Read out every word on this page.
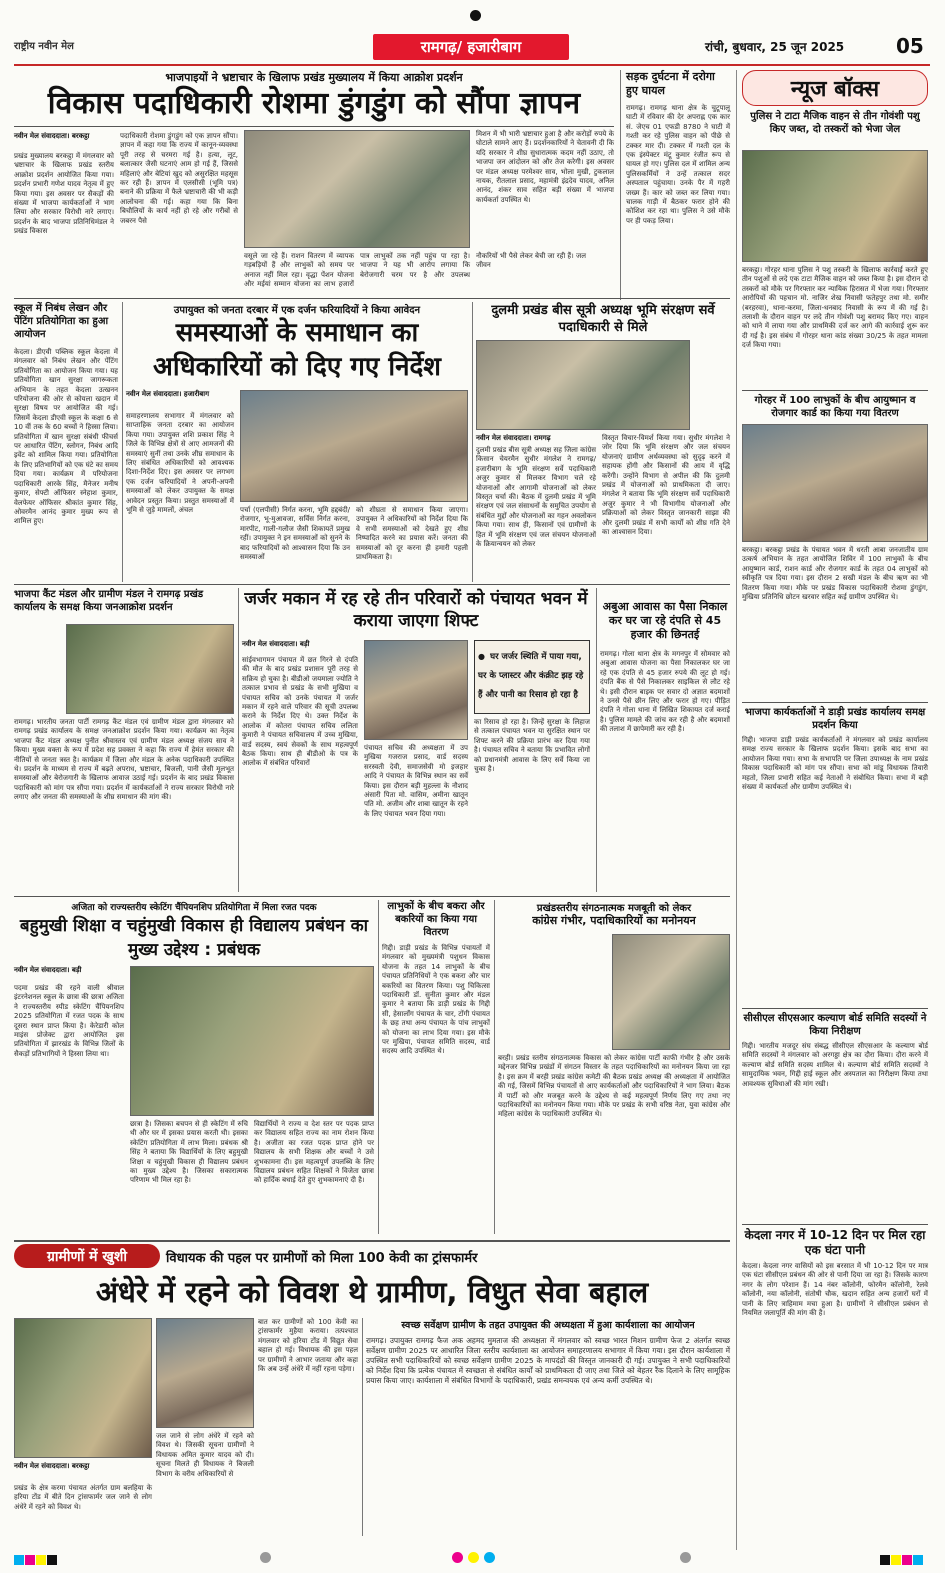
राष्ट्रीय नवीन मेल	रामगढ़/ हजारीबाग	रांची, बुधवार, 25 जून 2025	05
भाजपाइयों ने भ्रष्टाचार के खिलाफ प्रखंड मुख्यालय में किया आक्रोश प्रदर्शन
विकास पदाधिकारी रोशमा डुंगडुंग को सौंपा ज्ञापन
नवीन मेल संवाददाता। बरकट्ठा
प्रखंड मुख्यालय बरकट्ठा में मंगलवार को भ्रष्टाचार के खिलाफ प्रखंड स्तरीय आक्रोश प्रदर्शन आयोजित किया गया। प्रदर्शन प्रभारी गणेश यादव नेतृत्व में हुए किया गया। इस अवसर पर सैकड़ों की संख्या में भाजपा कार्यकर्ताओं ने भाग लिया और सरकार विरोधी नारे लगाए। प्रदर्शन के बाद भाजपा प्रतिनिधिमंडल ने प्रखंड विकास
पदाधिकारी रोशमा डुंगडुंग को एक ज्ञापन सौंपा। ज्ञापन में कहा गया कि राज्य में कानून-व्यवस्था पूरी तरह से चरमरा गई है। हत्या, लूट, बलात्कार जैसी घटनाएं आम हो गई हैं, जिससे महिलाएं और बेटियां खुद को असुरक्षित महसूस कर रही हैं। ज्ञापन में एलसीसी (भूमि पत्र) बनाने की प्रक्रिया में फैले भ्रष्टाचारी की भी कड़ी आलोचना की गई। कहा गया कि बिना बिचौलियों के कार्य नहीं हो रहे और गरीबों से जबरन पैसे
वसूले जा रहे हैं। राशन वितरण में व्यापक गड़बड़ियों हैं और लाभुकों को समय पर अनाज नहीं मिल रहा। वृद्धा पेंशन योजना और मईयां सम्मान योजना का लाभ हजारों पात्र लाभुकों तक नहीं पहुंच पा रहा है। भाजपा ने यह भी आरोप लगाया कि बेरोजगारी चरम पर है और उपलब्ध नौकरियों भी पैसे लेकर बेची जा रही हैं। जल जीवन
मिशन में भी भारी भ्रष्टाचार हुआ है और करोड़ों रुपये के घोटाले सामने आए हैं। प्रदर्शनकारियों ने चेतावनी दी कि यदि सरकार ने शीघ्र सुधारात्मक कदम नहीं उठाए, तो भाजपा जन आंदोलन को और तेज करेगी। इस अवसर पर मंडल अध्यक्ष परमेश्वर साव, भोला मुखी, टुकलाल नायक, रीतलाल प्रसाद, महामंत्री इंद्रदेव यादव, अनिल आनंद, शंकर साव सहित बड़ी संख्या में भाजपा कार्यकर्ता उपस्थित थे।
सड़क दुर्घटना में दरोगा हुए घायल
रामगढ़। रामगढ़ थाना क्षेत्र के चुटूपालू घाटी में रविवार की देर अपराह्न एक कार सं. जेएच 01 एफडी 8780 ने घाटी में गश्ती कर रहे पुलिस वाहन को पीछे से टक्कर मार दी। टक्कर में गश्ती दल के एक इंस्पेक्टर मंटू कुमार रंजीत रूप से घायल हो गए। पुलिस दल में शामिल अन्य पुलिसकर्मियों ने उन्हें तत्काल सदर अस्पताल पहुंचाया। उनके पैर में गहरी जख्म हैं। कार को जब्त कर लिया गया। चालक गाड़ी में बैठकर फरार होने की कोशिश कर रहा था। पुलिस ने उसे मौके पर ही पकड़ लिया।
न्यूज बॉक्स
पुलिस ने टाटा मैजिक वाहन से तीन गोवंशी पशु किए जब्त, दो तस्करों को भेजा जेल
बरकट्ठा। गोरहर थाना पुलिस ने पशु तस्करी के खिलाफ कार्रवाई करते हुए तीन पशुओं से लदे एक टाटा मैजिक वाहन को जब्त किया है। इस दौरान दो तस्करों को मौके पर गिरफ्तार कर न्यायिक हिरासत में भेजा गया। गिरफ्तार आरोपियों की पहचान मो. नाजिर शेख निवासी फतेहपुर तथा मो. समीर (बरहरवा), थाना-करमा, जिला-धनबाद निवासी के रूप में की गई है। तलाशी के दौरान वाहन पर लदे तीन गोवंशी पशु बरामद किए गए। वाहन को थाने में लाया गया और प्राथमिकी दर्ज कर आगे की कार्रवाई शुरू कर दी गई है। इस संबंध में गोरहर थाना कांड संख्या 30/25 के तहत मामला दर्ज किया गया।
गोरहर में 100 लाभुकों के बीच आयुष्मान व रोजगार कार्ड का किया गया वितरण
बरकट्ठा। बरकट्ठा प्रखंड के पंचायत भवन में धरती आबा जनजातीय ग्राम उत्कर्ष अभियान के तहत आयोजित शिविर में 100 लाभुकों के बीच आयुष्मान कार्ड, राशन कार्ड और रोजगार कार्ड के तहत 04 लाभुकों को स्वीकृति पत्र दिया गया। इस दौरान 2 सखी मंडल के बीच ऋण का भी वितरण किया गया। मौके पर प्रखंड विकास पदाधिकारी रोशमा डुंगडुंग, मुखिया प्रतिनिधि छोटन खरवार सहित कई ग्रामीण उपस्थित थे।
भाजपा कार्यकर्ताओं ने डाड़ी प्रखंड कार्यालय समक्ष प्रदर्शन किया
गिद्दी। भाजपा डाड़ी प्रखंड कार्यकर्ताओं ने मंगलवार को प्रखंड कार्यालय समक्ष राज्य सरकार के खिलाफ प्रदर्शन किया। इसके बाद सभा का आयोजन किया गया। सभा के सभापति पर जिला उपाध्यक्ष के नाम प्रखंड विकास पदाधिकारी को मांग पत्र सौंपा। सभा को मांडू विधायक तिवारी महतो, जिला प्रभारी सहित कई नेताओं ने संबोधित किया। सभा में बड़ी संख्या में कार्यकर्ता और ग्रामीण उपस्थित थे।
सीसीएल सीएसआर कल्याण बोर्ड समिति सदस्यों ने किया निरीक्षण
गिद्दी। भारतीय मजदूर संघ संबद्ध सीसीएल सीएसआर के कल्याण बोर्ड समिति सदस्यों ने मंगलवार को अरगड्डा क्षेत्र का दौरा किया। दौरा करने में कल्याण बोर्ड समिति सदस्य शामिल थे। कल्याण बोर्ड समिति सदस्यों ने सामुदायिक भवन, गिद्दी हाई स्कूल और अस्पताल का निरीक्षण किया तथा आवश्यक सुविधाओं की मांग रखी।
केदला नगर में 10-12 दिन पर मिल रहा एक घंटा पानी
केदला। केदला नगर वासियों को इस बरसात में भी 10-12 दिन पर मात्र एक घंटा सीसीएल प्रबंधन की ओर से पानी दिया जा रहा है। जिसके कारण नगर के लोग परेशान हैं। 14 नंबर कॉलोनी, फोरमैन कॉलोनी, रेलवे कॉलोनी, नया कॉलोनी, संतोषी चौक, खदान सहित अन्य हजारों घरों में पानी के लिए त्राहिमाम मचा हुआ है। ग्रामीणों ने सीसीएल प्रबंधन से नियमित जलापूर्ति की मांग की है।
स्कूल में निबंध लेखन और पेंटिंग प्रतियोगिता का हुआ आयोजन
केदला। डीएवी पब्लिक स्कूल केदला में मंगलवार को निबंध लेखन और पेंटिंग प्रतियोगिता का आयोजन किया गया। यह प्रतियोगिता खान सुरक्षा जागरूकता अभियान के तहत केदला उत्खनन परियोजना की ओर से कोयला खदान में सुरक्षा विषय पर आयोजित की गई। जिसमें केदला डीएवी स्कूल के कक्षा 6 से 10 वीं तक के 60 बच्चों ने हिस्सा लिया। प्रतियोगिता में खान सुरक्षा संबंधी फीचर्स पर आधारित पेंटिंग, स्लोगन, निबंध आदि इवेंट को शामिल किया गया। प्रतियोगिता के लिए प्रतिभागियों को एक घंटे का समय दिया गया। कार्यक्रम में परियोजना पदाधिकारी आरके सिंह, मैनेजर मनीष कुमार, सेफ्टी ऑफिसर स्नेहाश कुमार, वेलफेयर ऑफिसर श्रीकांत कुमार सिंह, ओवरमैन आनंद कुमार मुख्य रूप से शामिल हुए।
उपायुक्त को जनता दरबार में एक दर्जन फरियादियों ने किया आवेदन
समस्याओं के समाधान का अधिकारियों को दिए गए निर्देश
नवीन मेल संवाददाता। हजारीबाग
समाहरणालय सभागार में मंगलवार को साप्ताहिक जनता दरबार का आयोजन किया गया। उपायुक्त शशि प्रकाश सिंह ने जिले के विभिन्न क्षेत्रों से आए आमजनों की समस्याएं सुनीं तथा उनके शीघ्र समाधान के लिए संबंधित अधिकारियों को आवश्यक दिशा-निर्देश दिए। इस अवसर पर लगभग एक दर्जन फरियादियों ने अपनी-अपनी समस्याओं को लेकर उपायुक्त के समक्ष आवेदन प्रस्तुत किया। प्रस्तुत समस्याओं में भूमि से जुड़े मामलों, अंचल	पर्चा (एलपीसी) निर्गत करना, भूमि हद्दबंदी/रोजगार, भू-मुआवजा, सर्विस निर्गत करना, मारपीट, गाली-गलौज जैसी शिकायतें प्रमुख रहीं। उपायुक्त ने इन समस्याओं को सुनने के बाद फरियादियों को आश्वासन दिया कि उन समस्याओं
को शीघ्रता से समाधान किया जाएगा। उपायुक्त ने अधिकारियों को निर्देश दिया कि वे सभी समस्याओं को देखते हुए शीघ्र निष्पादित करने का प्रयास करें। जनता की समस्याओं को दूर करना ही हमारी पहली प्राथमिकता है।
दुलमी प्रखंड बीस सूत्री अध्यक्ष भूमि संरक्षण सर्वे पदाधिकारी से मिले
नवीन मेल संवाददाता। रामगढ़
दुलमी प्रखंड बीस सूत्री अध्यक्ष सह जिला कांग्रेस किसान चेयरमैन सुधीर मंगलेश ने रामगढ़/हजारीबाग के भूमि संरक्षण सर्वे पदाधिकारी अजुर कुमार से मिलकर विभाग चले रहे योजनाओं और आगामी योजनाओं को लेकर विस्तृत चर्चा की। बैठक में दुलमी प्रखंड में भूमि संरक्षण एवं जल संसाधनों के समुचित उपयोग से संबंधित मुद्दों और योजनाओं का गहन अवलोकन किया गया। साथ ही, किसानों एवं ग्रामीणों के हित में भूमि संरक्षण एवं जल संचयन योजनाओं के क्रियान्वयन को लेकर
विस्तृत विचार-विमर्श किया गया। सुधीर मंगलेश ने जोर दिया कि भूमि संरक्षण और जल संचयन योजनाएं ग्रामीण अर्थव्यवस्था को सुदृढ़ करने में सहायक होंगी और किसानों की आय में वृद्धि करेंगी। उन्होंने विभाग से अपील की कि दुलमी प्रखंड में योजनाओं को प्राथमिकता दी जाए। मंगलेश ने बताया कि भूमि संरक्षण सर्वे पदाधिकारी अजुर कुमार ने भी विभागीय योजनाओं और प्रक्रियाओं को लेकर विस्तृत जानकारी साझा की और दुलमी प्रखंड में सभी कार्यों को शीघ्र गति देने का आश्वासन दिया।
भाजपा कैंट मंडल और ग्रामीण मंडल ने रामगढ़ प्रखंड कार्यालय के समक्ष किया जनआक्रोश प्रदर्शन
रामगढ़। भारतीय जनता पार्टी रामगढ़ कैंट मंडल एवं ग्रामीण मंडल द्वारा मंगलवार को रामगढ़ प्रखंड कार्यालय के समक्ष जनआक्रोश प्रदर्शन किया गया। कार्यक्रम का नेतृत्व भाजपा कैंट मंडल अध्यक्ष पुनीत श्रीवास्तव एवं ग्रामीण मंडल अध्यक्ष संजय साव ने किया। मुख्य वक्ता के रूप में प्रदेश सह प्रवक्ता ने कहा कि राज्य में हेमंत सरकार की नीतियों से जनता त्रस्त है। कार्यक्रम में जिला और मंडल के अनेक पदाधिकारी उपस्थित थे। प्रदर्शन के माध्यम से राज्य में बढ़ते अपराध, भ्रष्टाचार, बिजली, पानी जैसी मूलभूत समस्याओं और बेरोजगारी के खिलाफ आवाज उठाई गई। प्रदर्शन के बाद प्रखंड विकास पदाधिकारी को मांग पत्र सौंपा गया। प्रदर्शन में कार्यकर्ताओं ने राज्य सरकार विरोधी नारे लगाए और जनता की समस्याओं के शीघ्र समाधान की मांग की।
जर्जर मकान में रह रहे तीन परिवारों को पंचायत भवन में कराया जाएगा शिफ्ट
नवीन मेल संवाददाता। बड़ी
सांईवभागमन पंचायत में छत गिरने से दंपति की मौत के बाद प्रखंड प्रशासन पूरी तरह से सक्रिय हो चुका है। बीडीओ जयमाला ज्योति ने तत्काल प्रभाव से प्रखंड के सभी मुखिया व पंचायत सचिव को उनके पंचायत में जर्जर मकान में रहने वाले परिवार की सूची उपलब्ध कराने के निर्देश दिए थे। उक्त निर्देश के आलोक में कोतरा पंचायत सचिव ललिता कुमारी ने पंचायत सचिवालय में उच्च मुखिया, वार्ड सदस्य, स्वयं सेवकों के साथ महत्वपूर्ण बैठक किया। साथ ही बीडीओ के पत्र के आलोक में संबंधित परिवारों
पंचायत सचिव की अध्यक्षता में उप मुखिया गजराज प्रसाद, वार्ड सदस्य सरस्वती देवी, समाजसेवी मो इजहार आदि ने पंचायत के विभिन्न स्थान का सर्वे किया। इस दौरान बड़ी मुहल्ला के नौशाद अंसारी पिता मो. वासिम, अमीना खातून पति मो. अजीम और शाबा खातून के रहने के लिए पंचायत भवन दिया गया।
● घर जर्जर स्थिति में पाया गया, घर के प्लास्टर और कंक्रीट झड़ रहे हैं और पानी का रिसाव हो रहा है
का रिसाव हो रहा है। जिन्हें सुरक्षा के लिहाज से तत्काल पंचायत भवन या सुरक्षित स्थान पर शिफ्ट करने की प्रक्रिया प्रारंभ कर दिया गया है। पंचायत सचिव ने बताया कि प्रभावित लोगों को प्रधानमंत्री आवास के लिए सर्वे किया जा चुका है।
अबुआ आवास का पैसा निकाल कर घर जा रहे दंपति से 45 हजार की छिनतई
रामगढ़। गोला थाना क्षेत्र के मगनपुर में सोमवार को अबुआ आवास योजना का पैसा निकालकर घर जा रहे एक दंपति से 45 हजार रुपये की लूट हो गई। दंपति बैंक से पैसे निकालकर साइकिल से लौट रहे थे। इसी दौरान बाइक पर सवार दो अज्ञात बदमाशों ने उनसे पैसे छीन लिए और फरार हो गए। पीड़ित दंपति ने गोला थाना में लिखित शिकायत दर्ज कराई है। पुलिस मामले की जांच कर रही है और बदमाशों की तलाश में छापेमारी कर रही है।
अजिता को राज्यस्तरीय स्केटिंग चैंपियनशिप प्रतियोगिता में मिला रजत पदक
बहुमुखी शिक्षा व चहुंमुखी विकास ही विद्यालय प्रबंधन का मुख्य उद्देश्य : प्रबंधक
नवीन मेल संवाददाता। बड़ी
पदमा प्रखंड की रहने वाली श्रीवाल इंटरनेशनल स्कूल के छात्रा की छात्रा अजिता ने राज्यस्तरीय स्पीड स्केटिंग चैंपियनशिप 2025 प्रतियोगिता में रजत पदक के साथ दूसरा स्थान प्राप्त किया है। केरेडारी कोल माइंस प्रोजेक्ट द्वारा आयोजित इस प्रतियोगिता में झारखंड के विभिन्न जिलों के सैकड़ों प्रतिभागियों ने हिस्सा लिया था।
छात्रा है। जिसका बचपन से ही स्केटिंग में रुचि थी और घर में इसका प्रयास करती थी। इसका स्केटिंग प्रतियोगिता में लाभ मिला। प्रबंधक श्री सिंह ने बताया कि विद्यार्थियों के लिए बहुमुखी शिक्षा व चहुंमुखी विकास ही विद्यालय प्रबंधन का मुख्य उद्देश्य है। जिसका सकारात्मक परिणाम भी मिल रहा है।
विद्यार्थियों ने राज्य व देश स्तर पर पदक प्राप्त कर विद्यालय सहित राज्य का नाम रोशन किया है। अजीता का रजत पदक प्राप्त होने पर विद्यालय के सभी शिक्षक और बच्चों ने उसे शुभकामना दी। इस महत्वपूर्ण उपलब्धि के लिए विद्यालय प्रबंधन सहित शिक्षकों ने विजेता छात्रा को हार्दिक बधाई देते हुए शुभकामनाएं दी है।
लाभुकों के बीच बकरा और बकरियों का किया गया वितरण
गिद्दी। डाड़ी प्रखंड के विभिन्न पंचायतों में मंगलवार को मुख्यमंत्री पशुधन विकास योजना के तहत 14 लाभुकों के बीच पंचायत प्रतिनिधियों ने एक बकरा और चार बकरियों का वितरण किया। पशु चिकित्सा पदाधिकारी डॉ. सुनीता कुमार और मंडल कुमार ने बताया कि डाड़ी प्रखंड के गिद्दी सी, हेसालॉंग पंचायत के चार, टोंगी पंचायत के छह तथा अन्य पंचायत के पांच लाभुकों को योजना का लाभ दिया गया। इस मौके पर मुखिया, पंचायत समिति सदस्य, वार्ड सदस्य आदि उपस्थित थे।
प्रखंडस्तरीय संगठनात्मक मजबूती को लेकर
कांग्रेस गंभीर, पदाधिकारियों का मनोनयन
बरही। प्रखंड स्तरीय संगठनात्मक विकास को लेकर कांग्रेस पार्टी काफी गंभीर है और उसके मद्देनजर विभिन्न प्रखंडों में संगठन विस्तार के तहत पदाधिकारियों का मनोनयन किया जा रहा है। इस क्रम में बरही प्रखंड कांग्रेस कमेटी की बैठक प्रखंड अध्यक्ष की अध्यक्षता में आयोजित की गई, जिसमें विभिन्न पंचायतों से आए कार्यकर्ताओं और पदाधिकारियों ने भाग लिया। बैठक में पार्टी को और मजबूत करने के उद्देश्य से कई महत्वपूर्ण निर्णय लिए गए तथा नए पदाधिकारियों का मनोनयन किया गया। मौके पर प्रखंड के सभी वरिष्ठ नेता, युवा कांग्रेस और महिला कांग्रेस के पदाधिकारी उपस्थित थे।
ग्रामीणों में खुशी	विधायक की पहल पर ग्रामीणों को मिला 100 केवी का ट्रांसफार्मर
अंधेरे में रहने को विवश थे ग्रामीण, विधुत सेवा बहाल
नवीन मेल संवाददाता। बरकट्ठा
प्रखंड के क्षेत्र करमा पंचायत अंतर्गत ग्राम बलहिया के हरिया टोंड में बीते दिन ट्रांसफार्मर जल जाने से लोग अंधेरे में रहने को विवश थे।
जल जाने से लोग अंधेरे में रहने को विवश थे। जिसकी सूचना ग्रामीणों ने विधायक अमित कुमार यादव को दी। सूचना मिलते ही विधायक ने बिजली विभाग के वरीय अधिकारियों से
बात कर ग्रामीणों को 100 केवी का ट्रांसफार्मर मुहैया कराया। तत्पश्चात मंगलवार को हरिया टोंड में विद्युत सेवा बहाल हो गई। विधायक की इस पहल पर ग्रामीणों ने आभार जताया और कहा कि अब उन्हें अंधेरे में नहीं रहना पड़ेगा।
स्वच्छ सर्वेक्षण ग्रामीण के तहत उपायुक्त की अध्यक्षता में हुआ कार्यशाला का आयोजन
रामगढ़। उपायुक्त रामगढ़ फैज अक अहमद मुमताज की अध्यक्षता में मंगलवार को स्वच्छ भारत मिशन ग्रामीण फेज 2 अंतर्गत स्वच्छ सर्वेक्षण ग्रामीण 2025 पर आधारित जिला स्तरीय कार्यशाला का आयोजन समाहरणालय सभागार में किया गया। इस दौरान कार्यशाला में उपस्थित सभी पदाधिकारियों को स्वच्छ सर्वेक्षण ग्रामीण 2025 के मापदंडों की विस्तृत जानकारी दी गई। उपायुक्त ने सभी पदाधिकारियों को निर्देश दिया कि प्रत्येक पंचायत में स्वच्छता से संबंधित कार्यों को प्राथमिकता दी जाए तथा जिले को बेहतर रैंक दिलाने के लिए सामूहिक प्रयास किया जाए। कार्यशाला में संबंधित विभागों के पदाधिकारी, प्रखंड समन्वयक एवं अन्य कर्मी उपस्थित थे।
